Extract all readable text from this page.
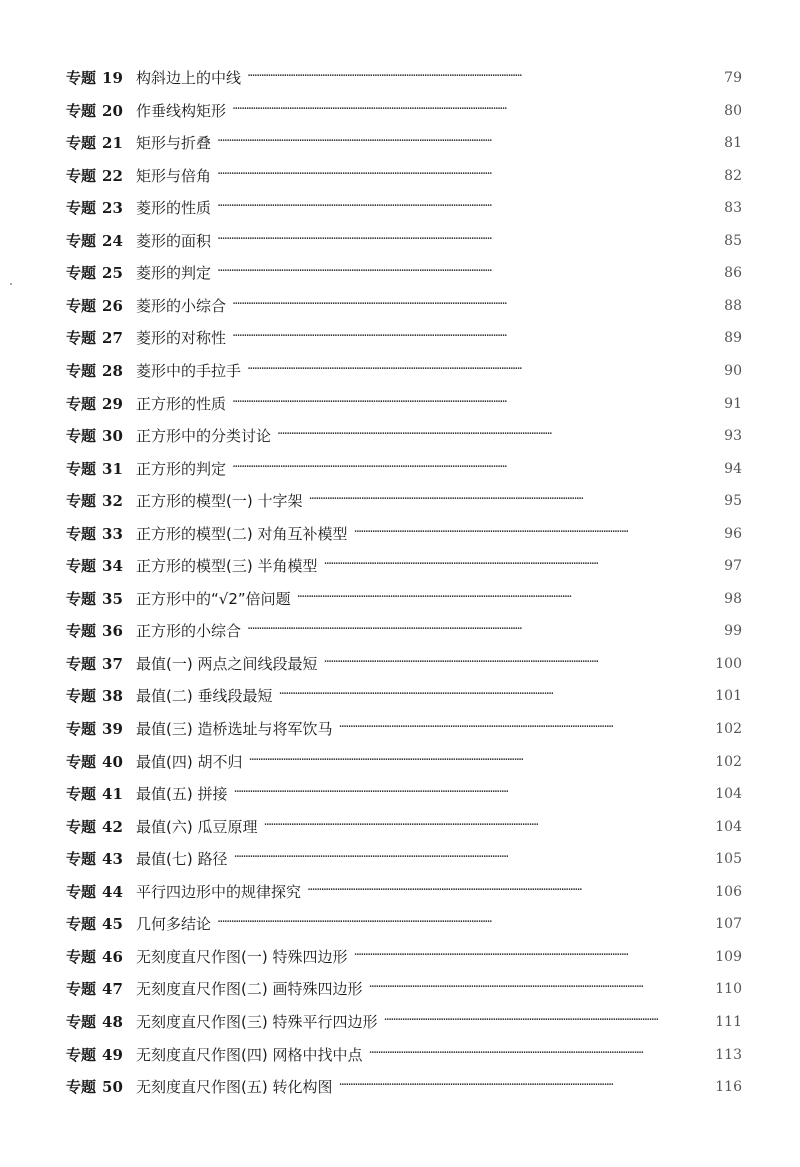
专题 19 构斜边上的中线 · · ·	79
专题 20 作垂线构矩形 · · ·	80
专题 21 矩形与折叠 · · ·	81
专题 22 矩形与倍角 · · ·	82
专题 23 菱形的性质 · · ·	83
专题 24 菱形的面积 · · ·	85
专题 25 菱形的判定 · · ·	86
专题 26 菱形的小综合 · · ·	88
专题 27 菱形的对称性 · · ·	89
专题 28 菱形中的手拉手 · · ·	90
专题 29 正方形的性质 · · ·	91
专题 30 正方形中的分类讨论 · · ·	93
专题 31 正方形的判定 · · ·	94
专题 32 正方形的模型(一) 十字架 · · ·	95
专题 33 正方形的模型(二) 对角互补模型 · · ·	96
专题 34 正方形的模型(三) 半角模型 · · ·	97
专题 35 正方形中的“√2”倍问题 · · ·	98
专题 36 正方形的小综合 · · ·	99
专题 37 最值(一) 两点之间线段最短 · · ·	100
专题 38 最值(二) 垂线段最短 · · ·	101
专题 39 最值(三) 造桥选址与将军饮马 · · ·	102
专题 40 最值(四) 胡不归 · · ·	102
专题 41 最值(五) 拼接 · · ·	104
专题 42 最值(六) 瓜豆原理 · · ·	104
专题 43 最值(七) 路径 · · ·	105
专题 44 平行四边形中的规律探究 · · ·	106
专题 45 几何多结论 · · ·	107
专题 46 无刻度直尺作图(一) 特殊四边形 · · ·	109
专题 47 无刻度直尺作图(二) 画特殊四边形 · · ·	110
专题 48 无刻度直尺作图(三) 特殊平行四边形 · · ·	111
专题 49 无刻度直尺作图(四) 网格中找中点 · · ·	113
专题 50 无刻度直尺作图(五) 转化构图 · · ·	116
